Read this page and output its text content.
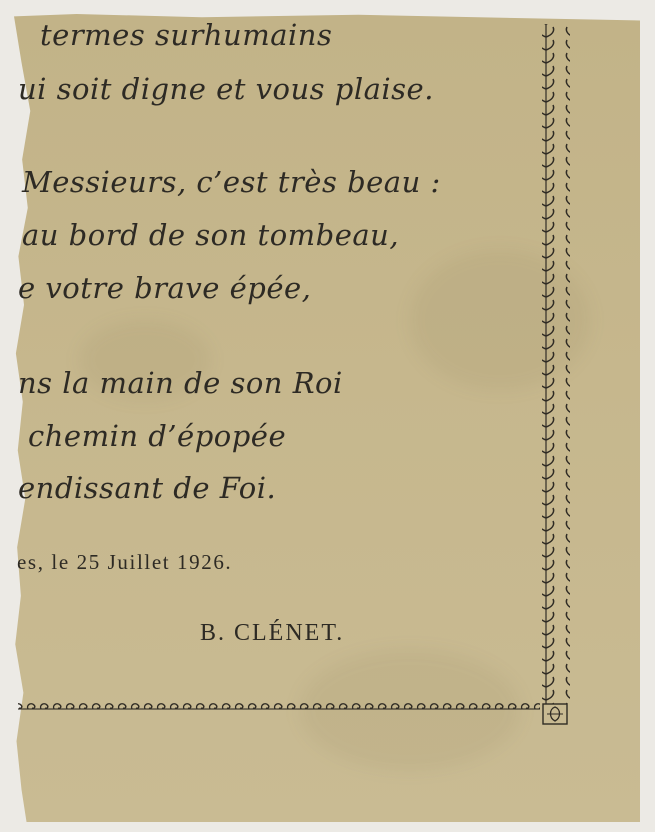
termes surhumains

ui soit digne et vous plaise.

Messieurs, c’est très beau :

au bord de son tombeau,

e votre brave épée,

ns la main de son Roi

chemin d’épopée

endissant de Foi.

es, le 25 Juillet 1926.

B. CLÉNET.
